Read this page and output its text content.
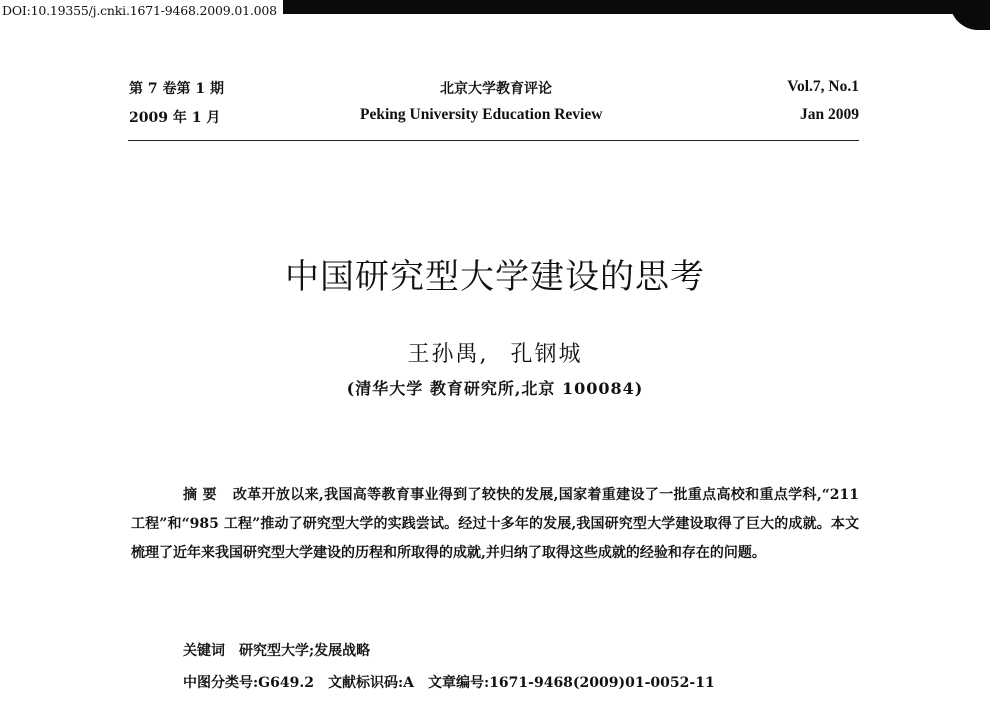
DOI:10.19355/j.cnki.1671-9468.2009.01.008
第 7 卷第 1 期
2009 年 1 月
北京大学教育评论
Peking University Education Review
Vol.7, No.1
Jan 2009
中国研究型大学建设的思考
王孙禺, 孔钢城
(清华大学 教育研究所,北京 100084)
摘 要 改革开放以来,我国高等教育事业得到了较快的发展,国家着重建设了一批重点高校和重点学科,“211 工程”和“985 工程”推动了研究型大学的实践尝试。经过十多年的发展,我国研究型大学建设取得了巨大的成就。本文梳理了近年来我国研究型大学建设的历程和所取得的成就,并归纳了取得这些成就的经验和存在的问题。
关键词 研究型大学;发展战略
中图分类号:G649.2 文献标识码:A 文章编号:1671-9468(2009)01-0052-11
